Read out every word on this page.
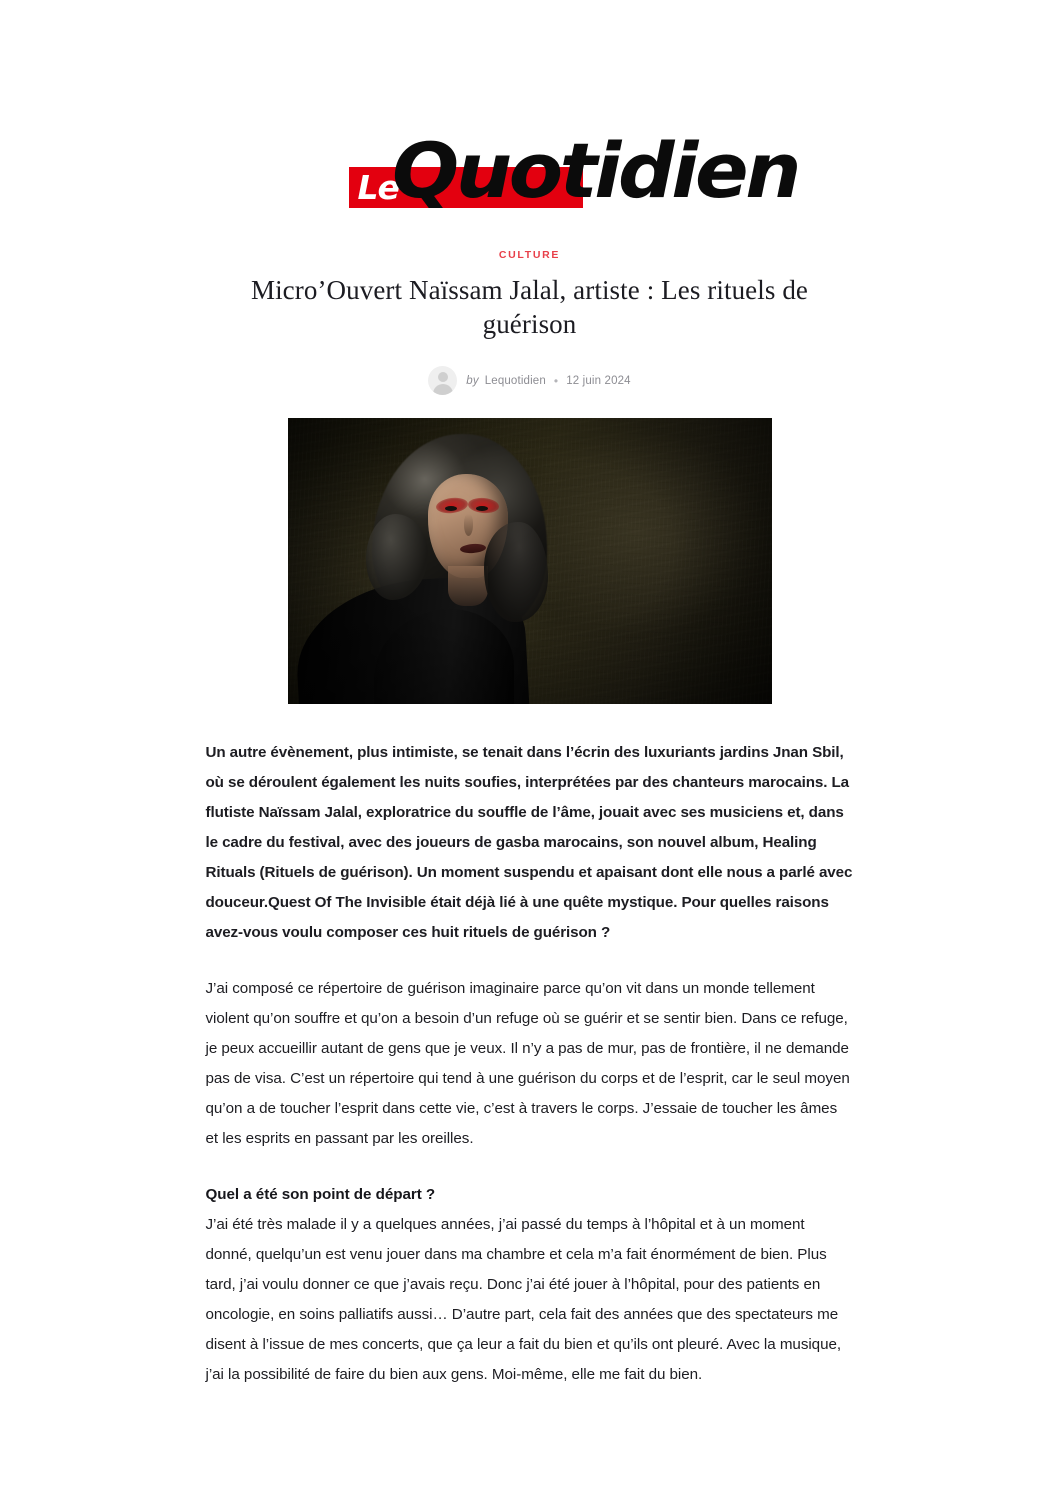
Le
Quotidien
CULTURE
Micro’Ouvert Naïssam Jalal, artiste : Les rituels de guérison
by Lequotidien • 12 juin 2024

Un autre évènement, plus intimiste, se tenait dans l’écrin des luxuriants jardins Jnan Sbil, où se déroulent également les nuits soufies, interprétées par des chanteurs marocains. La flutiste Naïssam Jalal, exploratrice du souffle de l’âme, jouait avec ses musiciens et, dans le cadre du festival, avec des joueurs de gasba marocains, son nouvel album, Healing Rituals (Rituels de guérison). Un moment suspendu et apaisant dont elle nous a parlé avec douceur.Quest Of The Invisible était déjà lié à une quête mystique. Pour quelles raisons avez-vous voulu composer ces huit rituels de guérison ?

J’ai composé ce répertoire de guérison imaginaire parce qu’on vit dans un monde tellement violent qu’on souffre et qu’on a besoin d’un refuge où se guérir et se sentir bien. Dans ce refuge, je peux accueillir autant de gens que je veux. Il n’y a pas de mur, pas de frontière, il ne demande pas de visa. C’est un répertoire qui tend à une guérison du corps et de l’esprit, car le seul moyen qu’on a de toucher l’esprit dans cette vie, c’est à travers le corps. J’essaie de toucher les âmes et les esprits en passant par les oreilles.

Quel a été son point de départ ?

J’ai été très malade il y a quelques années, j’ai passé du temps à l’hôpital et à un moment donné, quelqu’un est venu jouer dans ma chambre et cela m’a fait énormément de bien. Plus tard, j’ai voulu donner ce que j’avais reçu. Donc j’ai été jouer à l’hôpital, pour des patients en oncologie, en soins palliatifs aussi… D’autre part, cela fait des années que des spectateurs me disent à l’issue de mes concerts, que ça leur a fait du bien et qu’ils ont pleuré. Avec la musique, j’ai la possibilité de faire du bien aux gens. Moi-même, elle me fait du bien.
